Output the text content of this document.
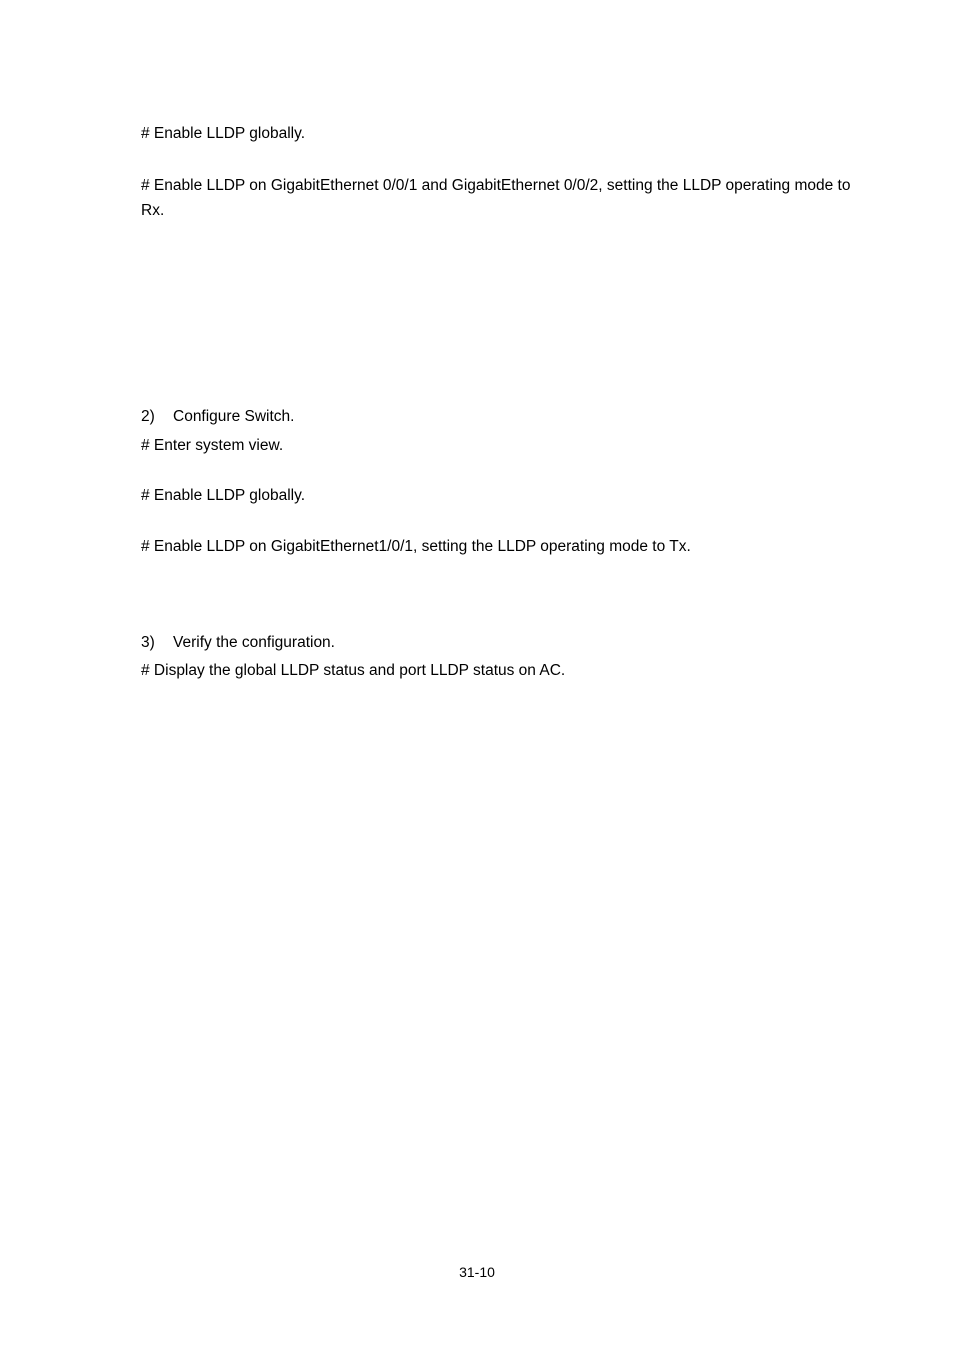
# Enable LLDP globally.
# Enable LLDP on GigabitEthernet 0/0/1 and GigabitEthernet 0/0/2, setting the LLDP operating mode to Rx.
2) Configure Switch.
# Enter system view.
# Enable LLDP globally.
# Enable LLDP on GigabitEthernet1/0/1, setting the LLDP operating mode to Tx.
3) Verify the configuration.
# Display the global LLDP status and port LLDP status on AC.
31-10
